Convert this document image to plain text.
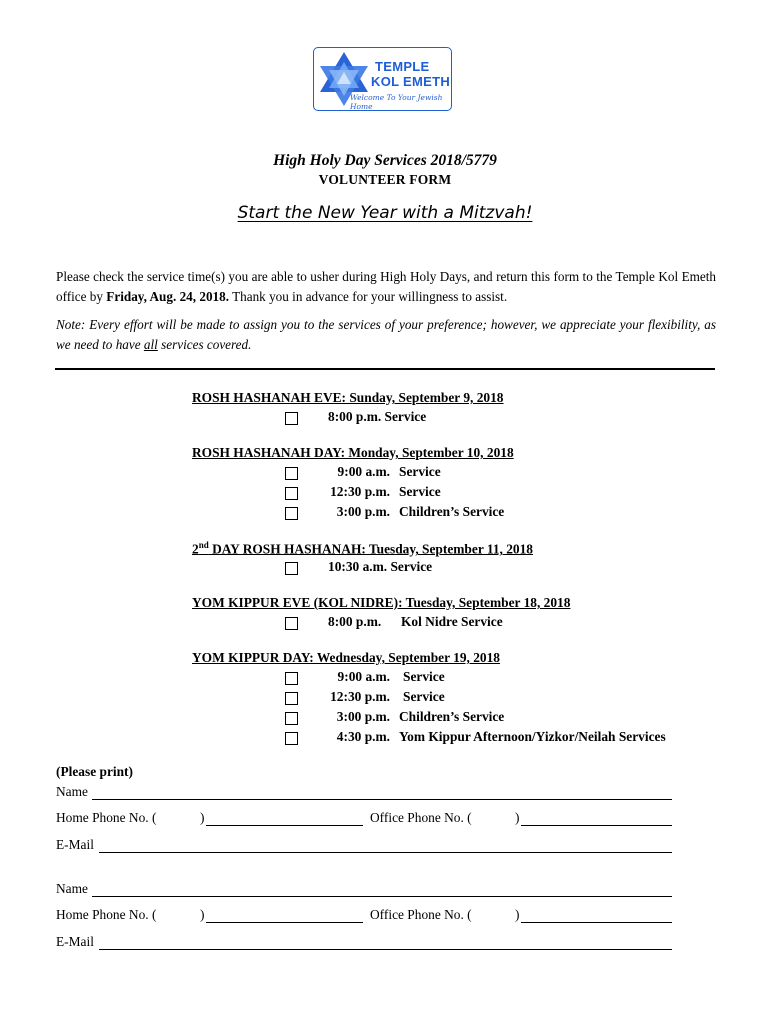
TEMPLE
KOL EMETH
Welcome To Your Jewish Home
High Holy Day Services 2018/5779
VOLUNTEER FORM
Start the New Year with a Mitzvah!
Please check the service time(s) you are able to usher during High Holy Days, and return this form to the Temple Kol Emeth office by Friday, Aug. 24, 2018. Thank you in advance for your willingness to assist.
Note: Every effort will be made to assign you to the services of your preference; however, we appreciate your flexibility, as we need to have all services covered.
ROSH HASHANAH EVE: Sunday, September 9, 2018
8:00 p.m. Service
ROSH HASHANAH DAY: Monday, September 10, 2018
9:00 a.m. Service
12:30 p.m. Service
3:00 p.m. Children’s Service
2nd DAY ROSH HASHANAH: Tuesday, September 11, 2018
10:30 a.m. Service
YOM KIPPUR EVE (KOL NIDRE): Tuesday, September 18, 2018
8:00 p.m. Kol Nidre Service
YOM KIPPUR DAY: Wednesday, September 19, 2018
9:00 a.m. Service
12:30 p.m. Service
3:00 p.m. Children’s Service
4:30 p.m. Yom Kippur Afternoon/Yizkor/Neilah Services
(Please print)
Name
Home Phone No. (	)	Office Phone No. (	)
E-Mail
Name
Home Phone No. (	)	Office Phone No. (	)
E-Mail
